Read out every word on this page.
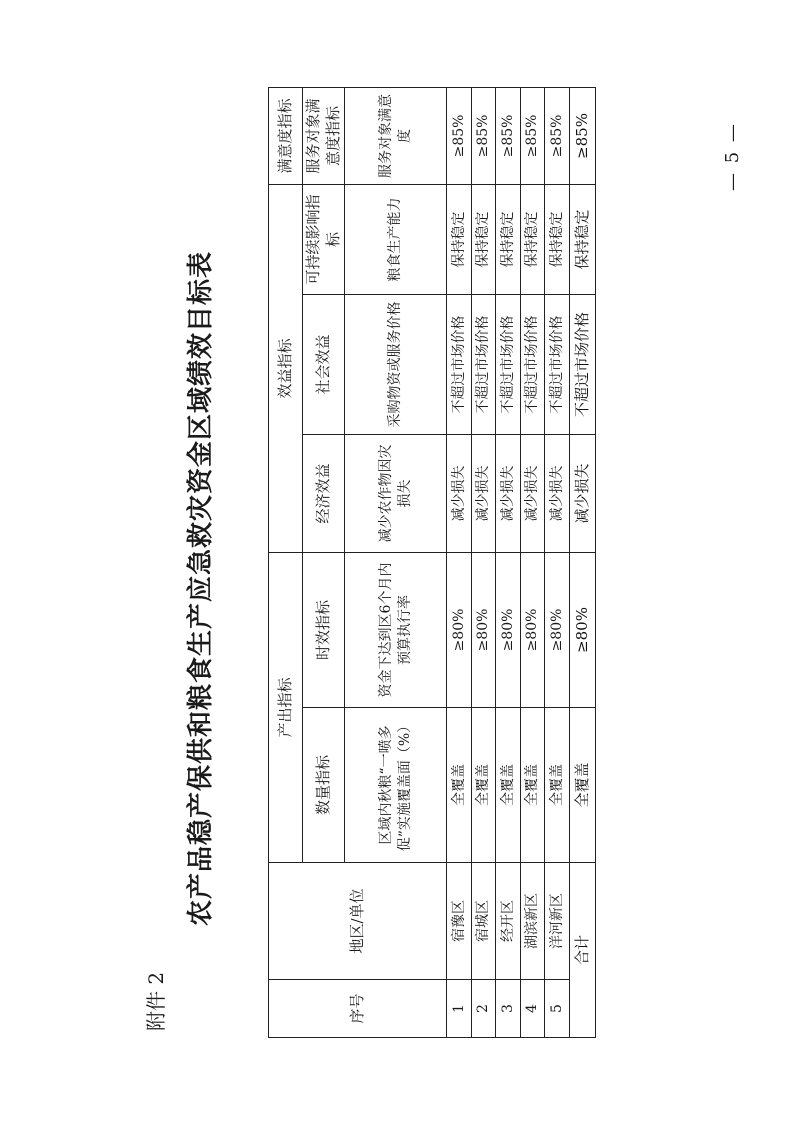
附件 2
农产品稳产保供和粮食生产应急救灾资金区域绩效目标表
序号	地区/单位	产出指标		效益指标			满意度指标
		数量指标	时效指标	经济效益	社会效益	可持续影响指标	服务对象满意度指标
		区域内秋粮“一喷多促”实施覆盖面（%）	资金下达到区6个月内预算执行率	减少农作物因灾损失	采购物资或服务价格	粮食生产能力	服务对象满意度
1	宿豫区	全覆盖	≥80%	减少损失	不超过市场价格	保持稳定	≥85%
2	宿城区	全覆盖	≥80%	减少损失	不超过市场价格	保持稳定	≥85%
3	经开区	全覆盖	≥80%	减少损失	不超过市场价格	保持稳定	≥85%
4	湖滨新区	全覆盖	≥80%	减少损失	不超过市场价格	保持稳定	≥85%
5	洋河新区	全覆盖	≥80%	减少损失	不超过市场价格	保持稳定	≥85%
合计		全覆盖	≥80%	减少损失	不超过市场价格	保持稳定	≥85%	— 5 —
